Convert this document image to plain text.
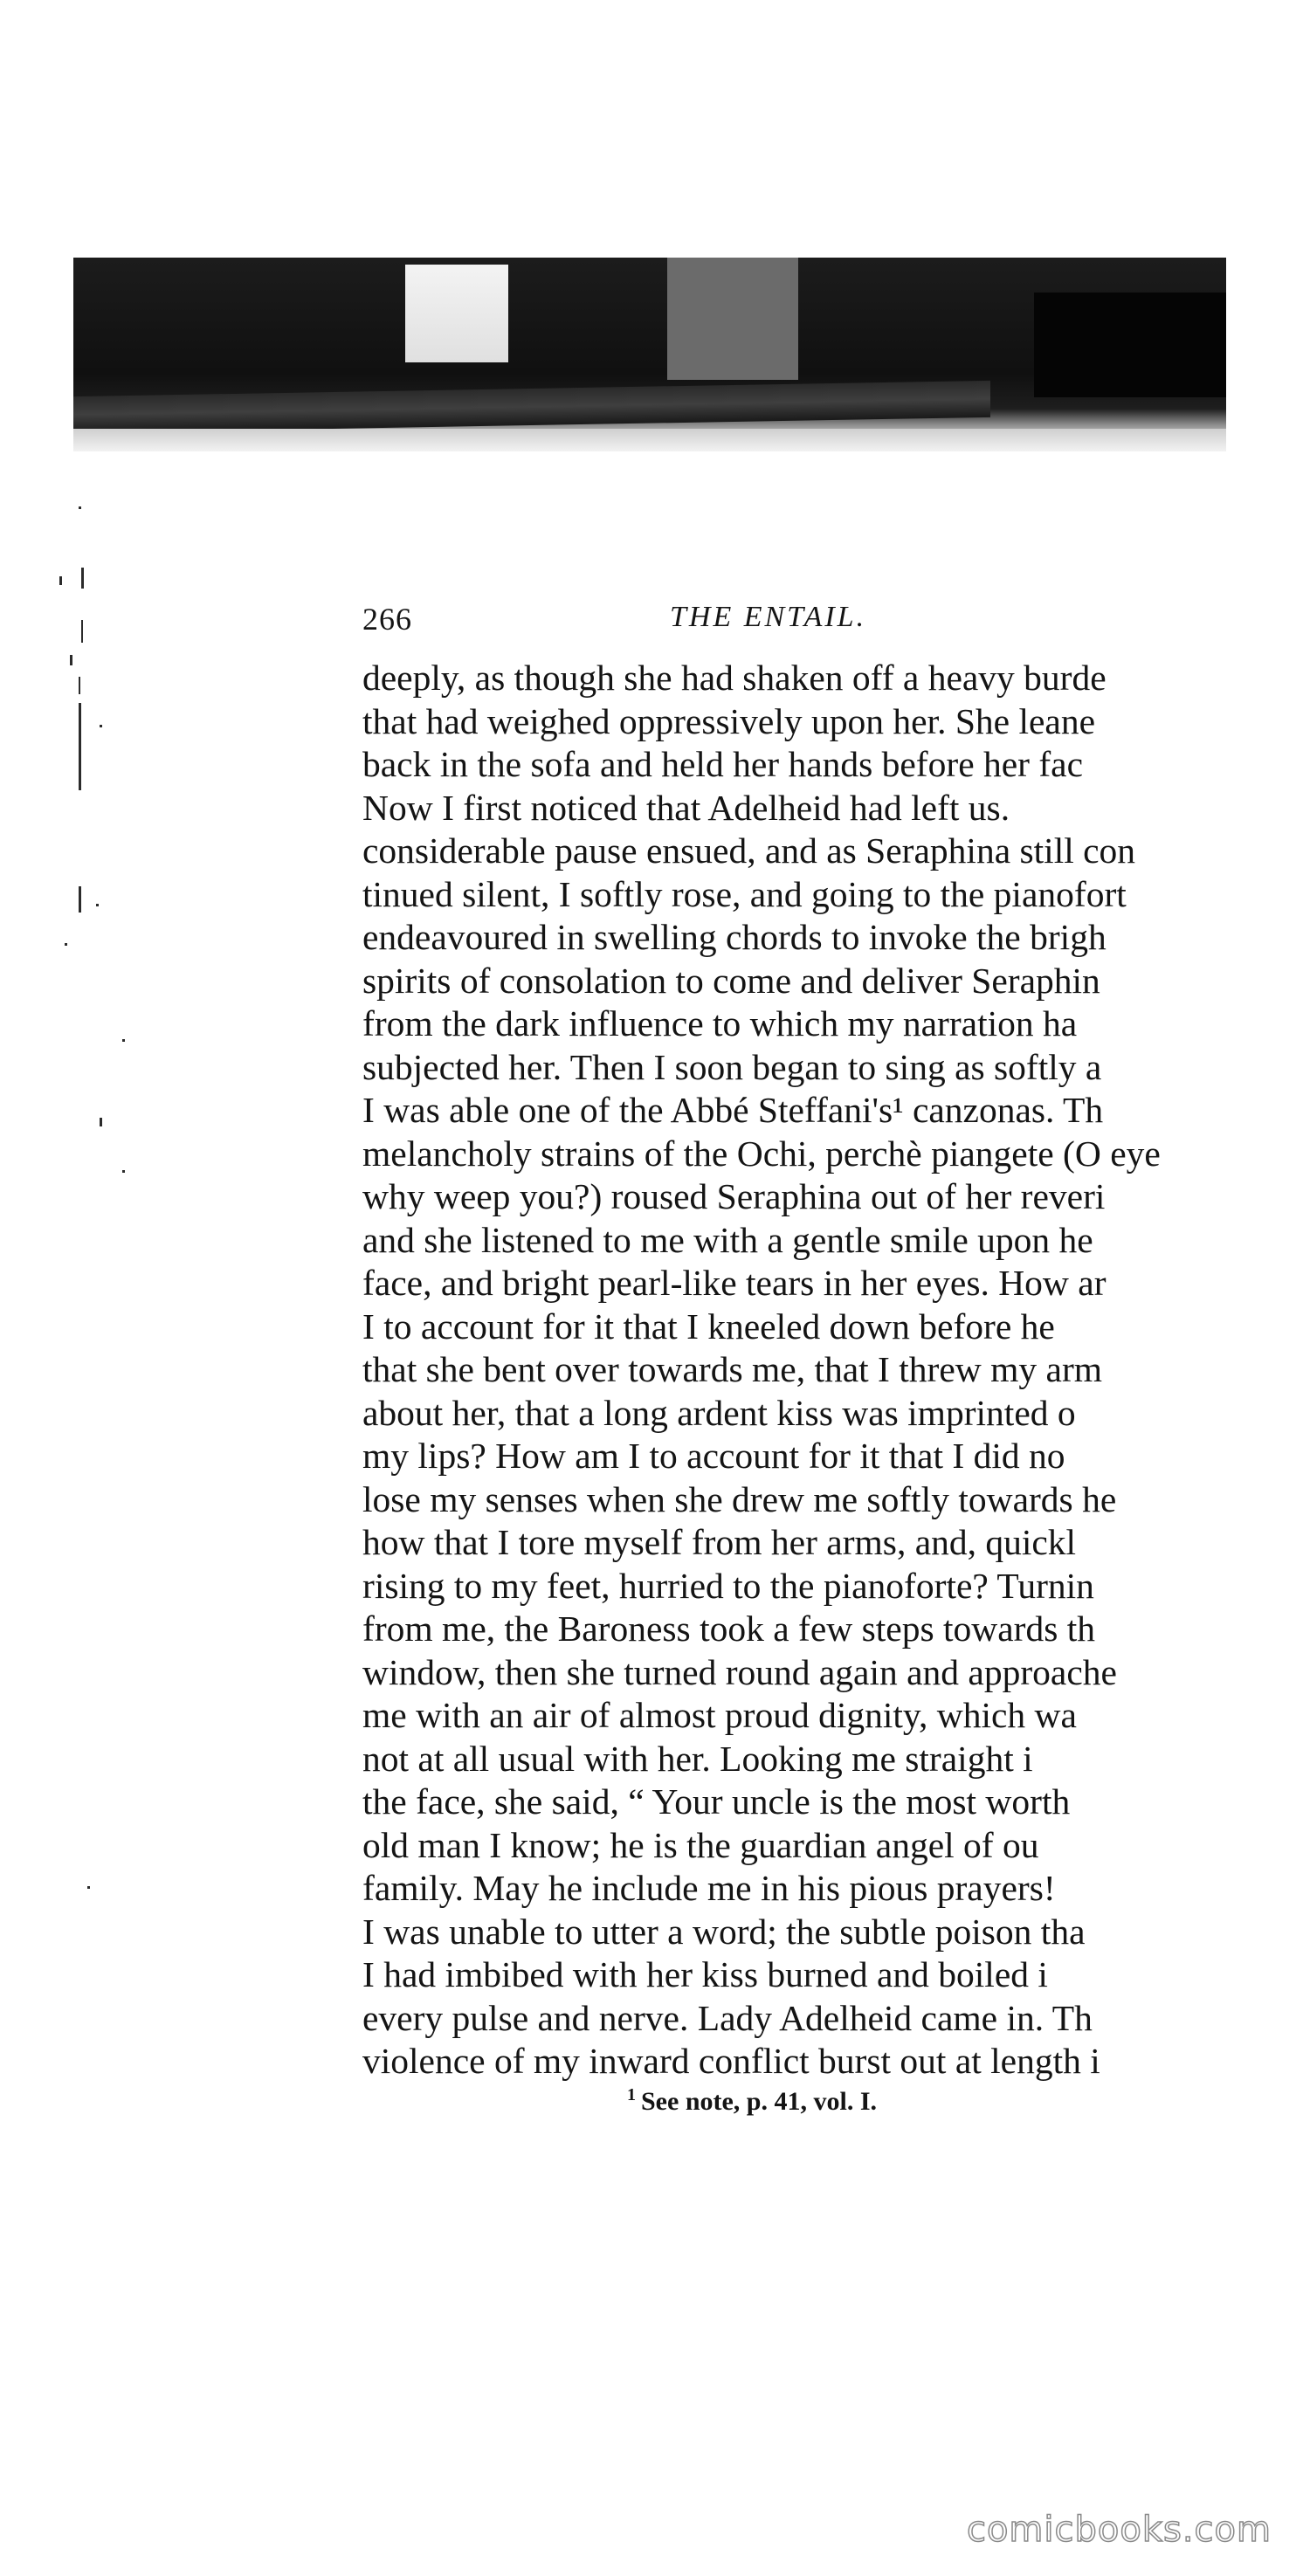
266	THE ENTAIL.
deeply, as though she had shaken off a heavy burde
that had weighed oppressively upon her. She leane
back in the sofa and held her hands before her fac
Now I first noticed that Adelheid had left us.
considerable pause ensued, and as Seraphina still con
tinued silent, I softly rose, and going to the pianofort
endeavoured in swelling chords to invoke the brigh
spirits of consolation to come and deliver Seraphin
from the dark influence to which my narration ha
subjected her. Then I soon began to sing as softly a
I was able one of the Abbé Steffani's¹ canzonas. Th
melancholy strains of the Ochi, perchè piangete (O eye
why weep you?) roused Seraphina out of her reveri
and she listened to me with a gentle smile upon he
face, and bright pearl-like tears in her eyes. How ar
I to account for it that I kneeled down before he
that she bent over towards me, that I threw my arm
about her, that a long ardent kiss was imprinted o
my lips? How am I to account for it that I did no
lose my senses when she drew me softly towards he
how that I tore myself from her arms, and, quickl
rising to my feet, hurried to the pianoforte? Turnin
from me, the Baroness took a few steps towards th
window, then she turned round again and approache
me with an air of almost proud dignity, which wa
not at all usual with her. Looking me straight i
the face, she said, “ Your uncle is the most worth
old man I know; he is the guardian angel of ou
family. May he include me in his pious prayers!
I was unable to utter a word; the subtle poison tha
I had imbibed with her kiss burned and boiled i
every pulse and nerve. Lady Adelheid came in. Th
violence of my inward conflict burst out at length i
$^1$ See note, p. 41, vol. I.
comicbooks.com
